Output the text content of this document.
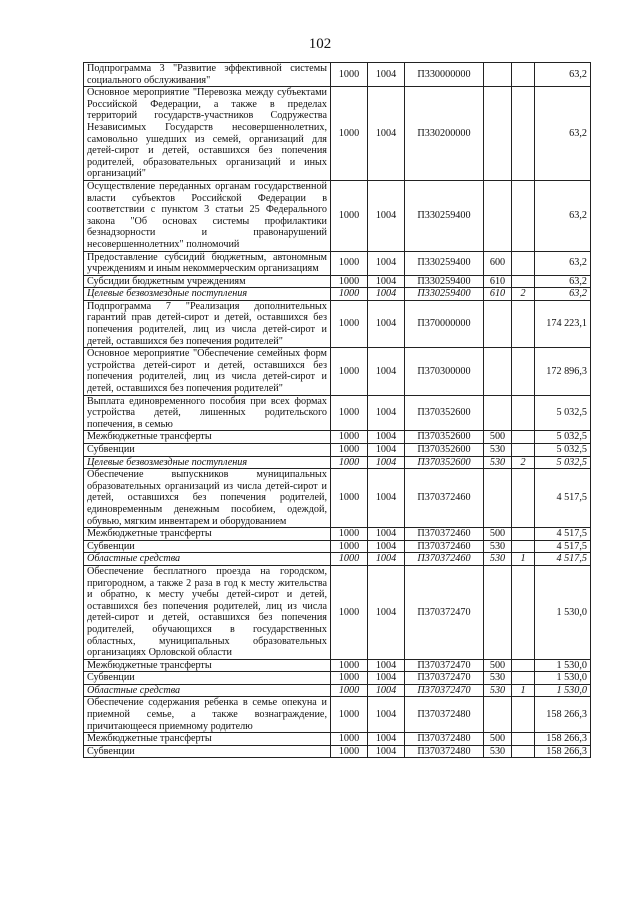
102
Подпрограмма 3 "Развитие эффективной системы социального обслуживания"	1000	1004	П330000000			63,2
Основное мероприятие "Перевозка между субъектами Российской Федерации, а также в пределах территорий государств-участников Содружества Независимых Государств несовершеннолетних, самовольно ушедших из семей, организаций для детей-сирот и детей, оставшихся без попечения родителей, образовательных организаций и иных организаций"	1000	1004	П330200000			63,2
Осуществление переданных органам государственной власти субъектов Российской Федерации в соответствии с пунктом 3 статьи 25 Федерального закона "Об основах системы профилактики безнадзорности и правонарушений несовершеннолетних" полномочий	1000	1004	П330259400			63,2
Предоставление субсидий бюджетным, автономным учреждениям и иным некоммерческим организациям	1000	1004	П330259400	600		63,2
Субсидии бюджетным учреждениям	1000	1004	П330259400	610		63,2
Целевые безвозмездные поступления	1000	1004	П330259400	610	2	63,2
Подпрограмма 7 "Реализация дополнительных гарантий прав детей-сирот и детей, оставшихся без попечения родителей, лиц из числа детей-сирот и детей, оставшихся без попечения родителей"	1000	1004	П370000000			174 223,1
Основное мероприятие "Обеспечение семейных форм устройства детей-сирот и детей, оставшихся без попечения родителей, лиц из числа детей-сирот и детей, оставшихся без попечения родителей"	1000	1004	П370300000			172 896,3
Выплата единовременного пособия при всех формах устройства детей, лишенных родительского попечения, в семью	1000	1004	П370352600			5 032,5
Межбюджетные трансферты	1000	1004	П370352600	500		5 032,5
Субвенции	1000	1004	П370352600	530		5 032,5
Целевые безвозмездные поступления	1000	1004	П370352600	530	2	5 032,5
Обеспечение выпускников муниципальных образовательных организаций из числа детей-сирот и детей, оставшихся без попечения родителей, единовременным денежным пособием, одеждой, обувью, мягким инвентарем и оборудованием	1000	1004	П370372460			4 517,5
Межбюджетные трансферты	1000	1004	П370372460	500		4 517,5
Субвенции	1000	1004	П370372460	530		4 517,5
Областные средства	1000	1004	П370372460	530	1	4 517,5
Обеспечение бесплатного проезда на городском, пригородном, а также 2 раза в год к месту жительства и обратно, к месту учебы детей-сирот и детей, оставшихся без попечения родителей, лиц из числа детей-сирот и детей, оставшихся без попечения родителей, обучающихся в государственных областных, муниципальных образовательных организациях Орловской области	1000	1004	П370372470			1 530,0
Межбюджетные трансферты	1000	1004	П370372470	500		1 530,0
Субвенции	1000	1004	П370372470	530		1 530,0
Областные средства	1000	1004	П370372470	530	1	1 530,0
Обеспечение содержания ребенка в семье опекуна и приемной семье, а также вознаграждение, причитающееся приемному родителю	1000	1004	П370372480			158 266,3
Межбюджетные трансферты	1000	1004	П370372480	500		158 266,3
Субвенции	1000	1004	П370372480	530		158 266,3
